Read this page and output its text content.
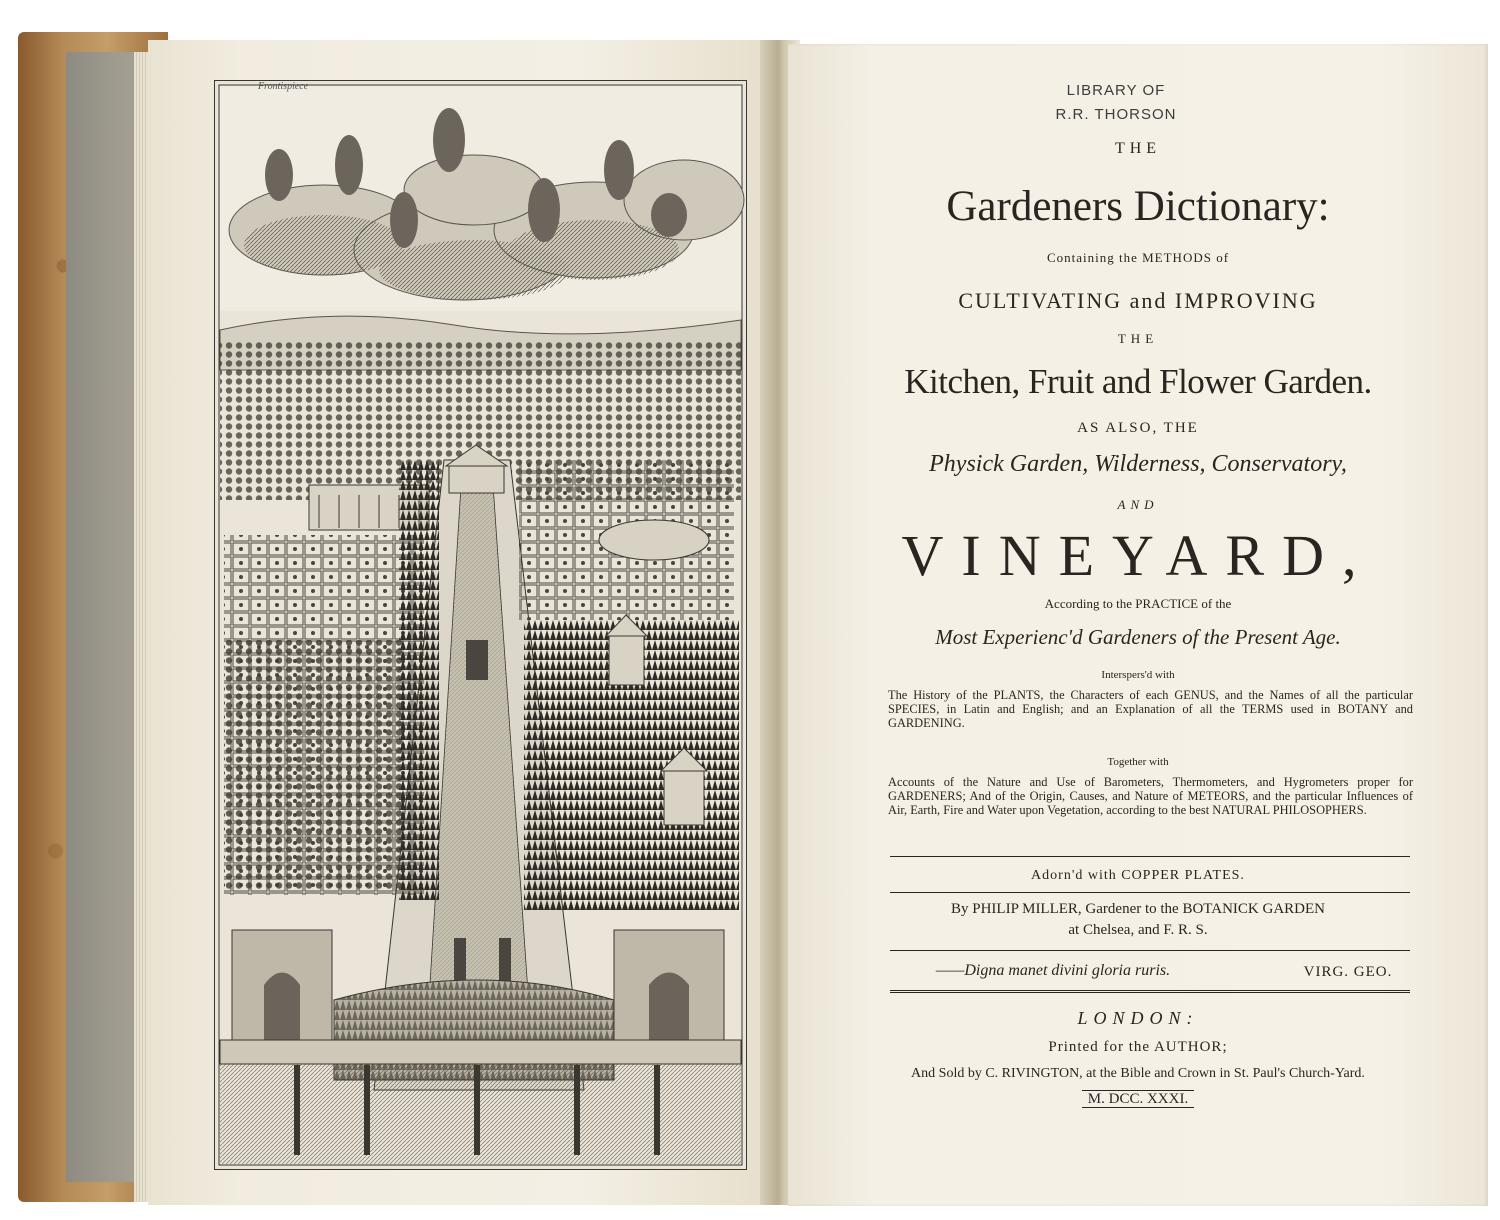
Frontispiece	LIBRARY OF
R.R. THORSON
THE
Gardeners Dictionary:
Containing the METHODS of
CULTIVATING and IMPROVING
THE
Kitchen, Fruit and Flower Garden.
AS ALSO, THE
Physick Garden, Wilderness, Conservatory,
AND
VINEYARD,
According to the PRACTICE of the
Most Experienc'd Gardeners of the Present Age.
Interspers'd with
The History of the PLANTS, the Characters of each GENUS, and the Names of all the particular SPECIES, in Latin and English; and an Explanation of all the TERMS used in BOTANY and GARDENING.
Together with
Accounts of the Nature and Use of Barometers, Thermometers, and Hygrometers proper for GARDENERS; And of the Origin, Causes, and Nature of METEORS, and the particular Influences of Air, Earth, Fire and Water upon Vegetation, according to the best NATURAL PHILOSOPHERS.
Adorn'd with COPPER PLATES.
By PHILIP MILLER, Gardener to the BOTANICK GARDEN
at Chelsea, and F. R. S.
——Digna manet divini gloria ruris.	VIRG. GEO.
LONDON:
Printed for the AUTHOR;
And Sold by C. RIVINGTON, at the Bible and Crown in St. Paul's Church-Yard.
M. DCC. XXXI.
